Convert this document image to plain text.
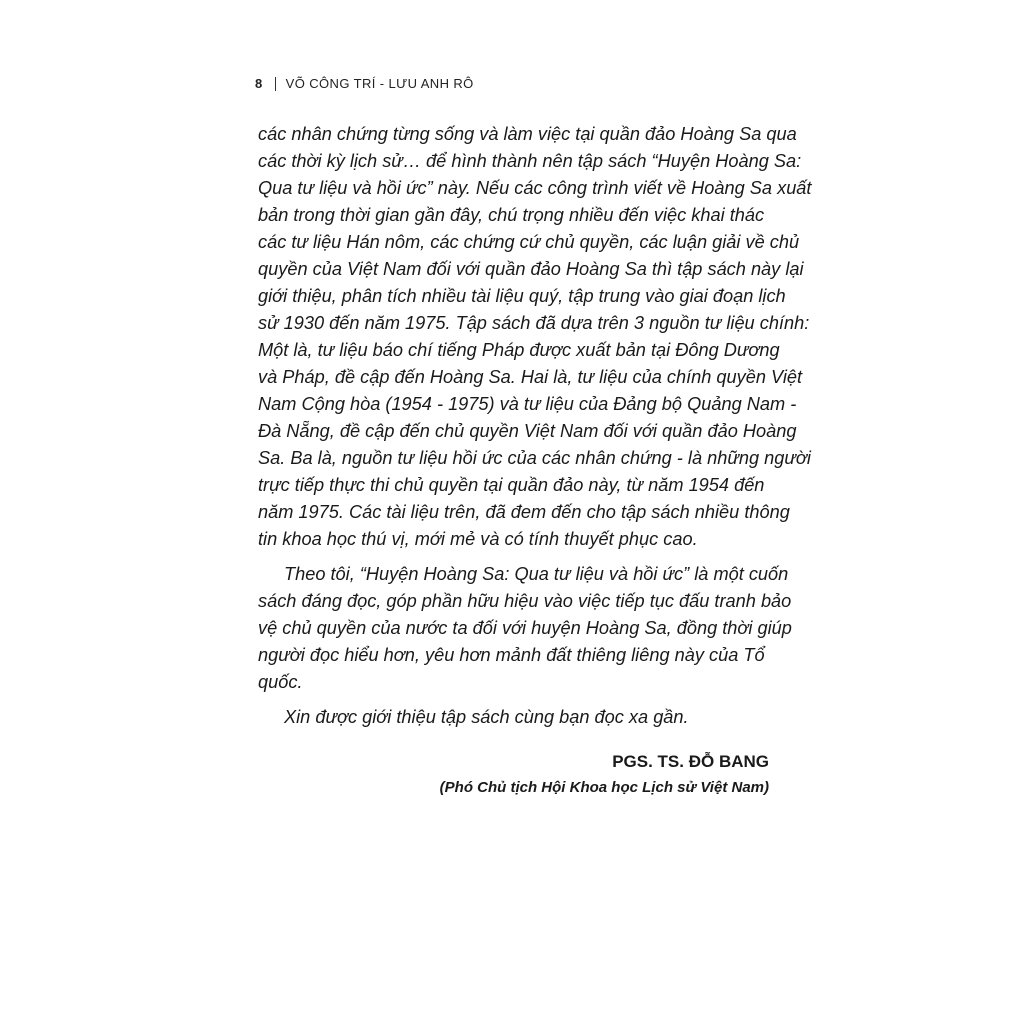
8 VÕ CÔNG TRÍ - LƯU ANH RÔ
các nhân chứng từng sống và làm việc tại quần đảo Hoàng Sa qua
các thời kỳ lịch sử… để hình thành nên tập sách “Huyện Hoàng Sa:
Qua tư liệu và hồi ức” này. Nếu các công trình viết về Hoàng Sa xuất
bản trong thời gian gần đây, chú trọng nhiều đến việc khai thác
các tư liệu Hán nôm, các chứng cứ chủ quyền, các luận giải về chủ
quyền của Việt Nam đối với quần đảo Hoàng Sa thì tập sách này lại
giới thiệu, phân tích nhiều tài liệu quý, tập trung vào giai đoạn lịch
sử 1930 đến năm 1975. Tập sách đã dựa trên 3 nguồn tư liệu chính:
Một là, tư liệu báo chí tiếng Pháp được xuất bản tại Đông Dương
và Pháp, đề cập đến Hoàng Sa. Hai là, tư liệu của chính quyền Việt
Nam Cộng hòa (1954 - 1975) và tư liệu của Đảng bộ Quảng Nam -
Đà Nẵng, đề cập đến chủ quyền Việt Nam đối với quần đảo Hoàng
Sa. Ba là, nguồn tư liệu hồi ức của các nhân chứng - là những người
trực tiếp thực thi chủ quyền tại quần đảo này, từ năm 1954 đến
năm 1975. Các tài liệu trên, đã đem đến cho tập sách nhiều thông
tin khoa học thú vị, mới mẻ và có tính thuyết phục cao.
Theo tôi, “Huyện Hoàng Sa: Qua tư liệu và hồi ức” là một cuốn
sách đáng đọc, góp phần hữu hiệu vào việc tiếp tục đấu tranh bảo
vệ chủ quyền của nước ta đối với huyện Hoàng Sa, đồng thời giúp
người đọc hiểu hơn, yêu hơn mảnh đất thiêng liêng này của Tổ
quốc.
Xin được giới thiệu tập sách cùng bạn đọc xa gần.
PGS. TS. ĐỖ BANG
(Phó Chủ tịch Hội Khoa học Lịch sử Việt Nam)
